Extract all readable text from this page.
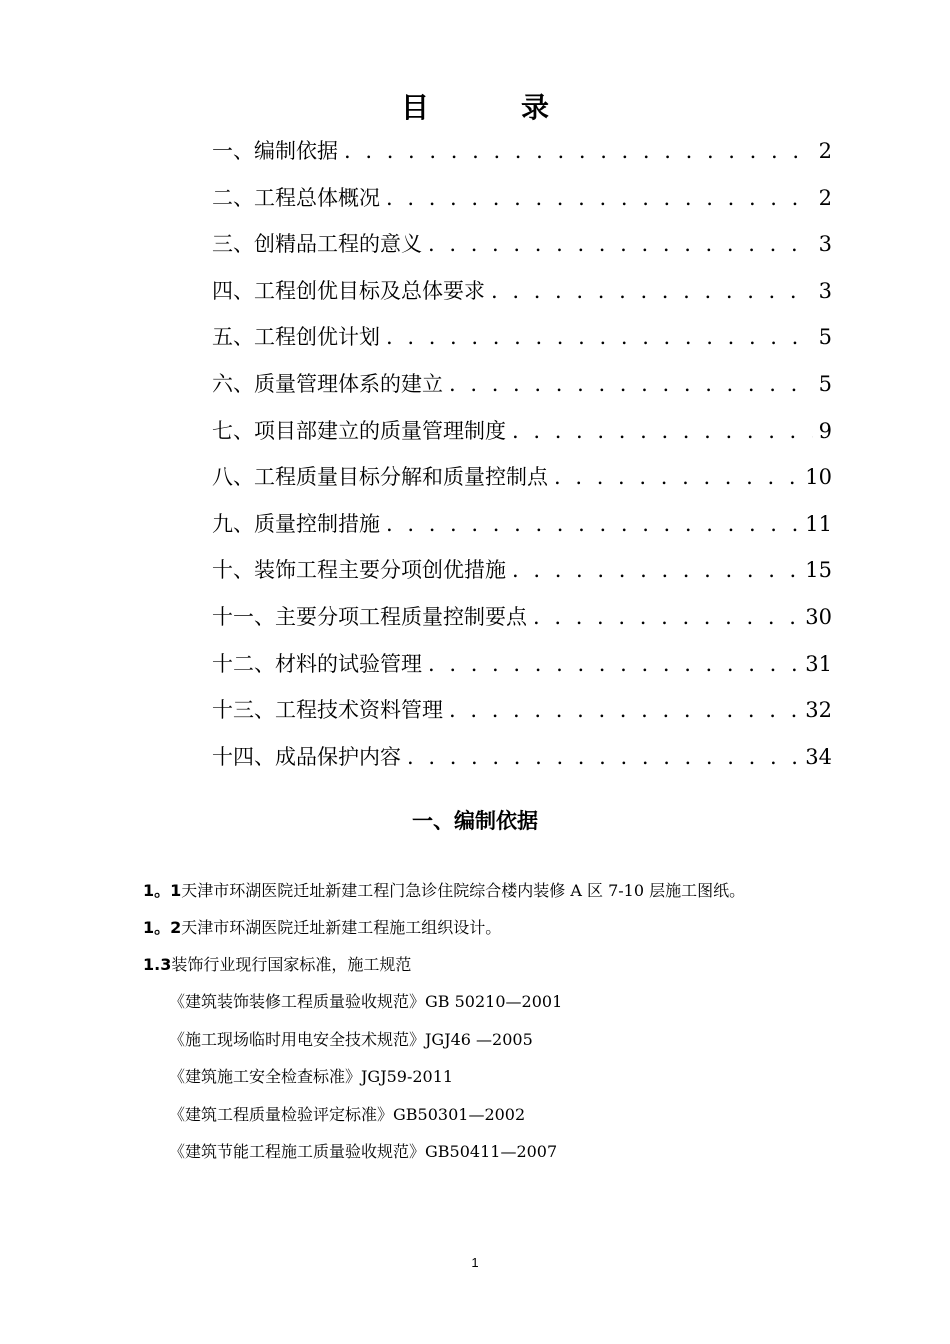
目录
一、编制依据 . . .	2
二、工程总体概况 . . .	2
三、创精品工程的意义 . . .	3
四、工程创优目标及总体要求 . . .	3
五、工程创优计划 . . .	5
六、质量管理体系的建立 . . .	5
七、项目部建立的质量管理制度 . . .	9
八、工程质量目标分解和质量控制点 . . .	10
九、质量控制措施 . . .	11
十、装饰工程主要分项创优措施 . . .	15
十一、主要分项工程质量控制要点 . . .	30
十二、材料的试验管理 . . .	31
十三、工程技术资料管理 . . .	32
十四、成品保护内容 . . .	34
一、编制依据
1。1天津市环湖医院迁址新建工程门急诊住院综合楼内装修 A 区 7-10 层施工图纸。
1。2天津市环湖医院迁址新建工程施工组织设计。
1.3装饰行业现行国家标准，施工规范
《建筑装饰装修工程质量验收规范》GB 50210—2001
《施工现场临时用电安全技术规范》JGJ46 —2005
《建筑施工安全检查标准》JGJ59-2011
《建筑工程质量检验评定标准》GB50301—2002
《建筑节能工程施工质量验收规范》GB50411—2007
1
